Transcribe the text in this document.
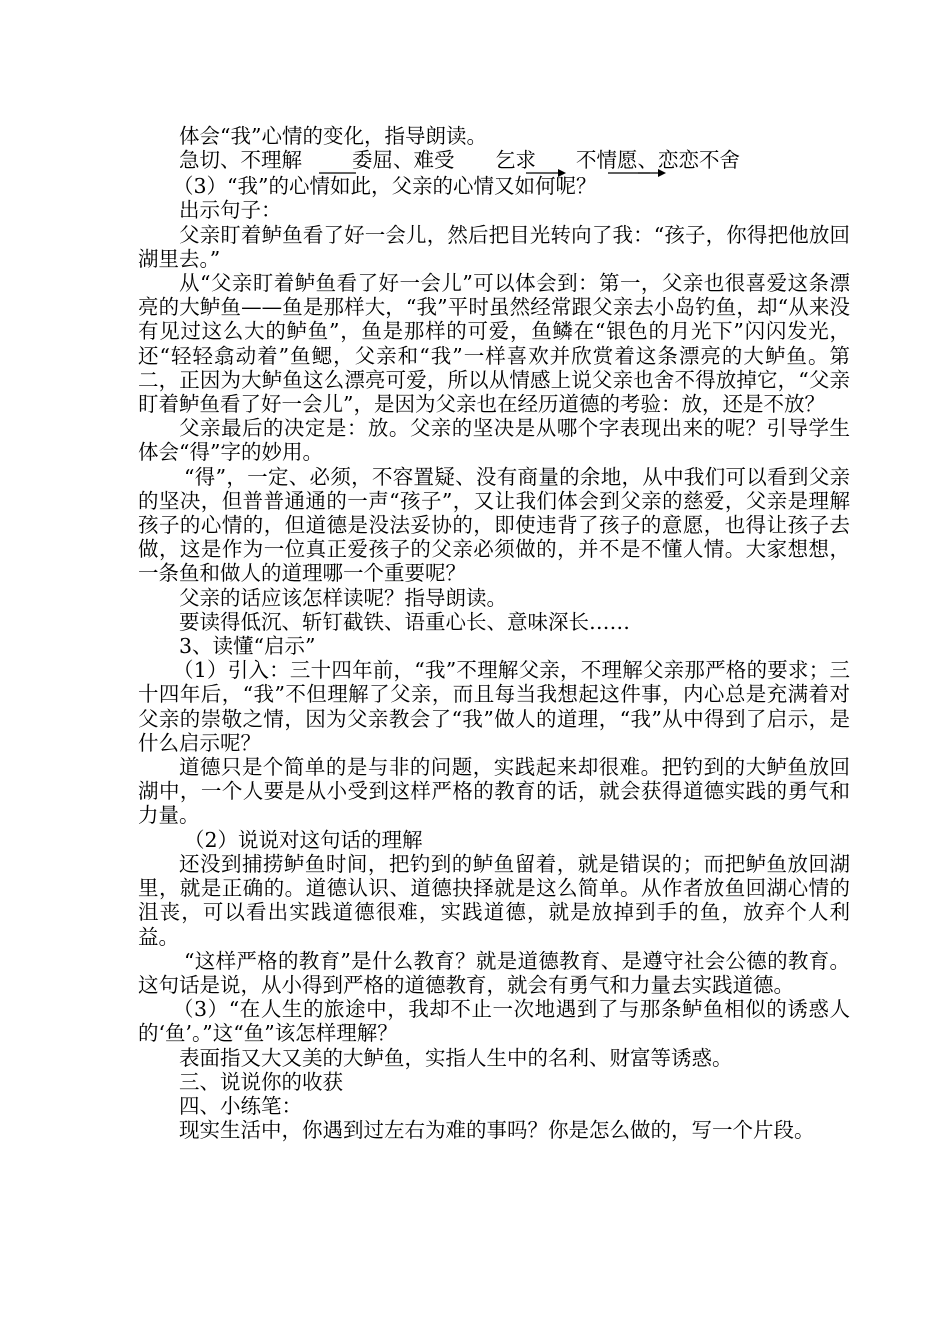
体会“我”心情的变化，指导朗读。

急切、不理解 委屈、难受 乞求 不情愿、恋恋不舍

（3）“我”的心情如此，父亲的心情又如何呢？

出示句子：

父亲盯着鲈鱼看了好一会儿，然后把目光转向了我：“孩子，你得把他放回湖里去。”

从“父亲盯着鲈鱼看了好一会儿”可以体会到：第一，父亲也很喜爱这条漂亮的大鲈鱼——鱼是那样大，“我”平时虽然经常跟父亲去小岛钓鱼，却“从来没有见过这么大的鲈鱼”，鱼是那样的可爱，鱼鳞在“银色的月光下”闪闪发光，还“轻轻翕动着”鱼鳃，父亲和“我”一样喜欢并欣赏着这条漂亮的大鲈鱼。第二，正因为大鲈鱼这么漂亮可爱，所以从情感上说父亲也舍不得放掉它，“父亲盯着鲈鱼看了好一会儿”，是因为父亲也在经历道德的考验：放，还是不放？

父亲最后的决定是：放。父亲的坚决是从哪个字表现出来的呢？引导学生体会“得”字的妙用。

“得”，一定、必须，不容置疑、没有商量的余地，从中我们可以看到父亲的坚决，但普普通通的一声“孩子”，又让我们体会到父亲的慈爱，父亲是理解孩子的心情的，但道德是没法妥协的，即使违背了孩子的意愿，也得让孩子去做，这是作为一位真正爱孩子的父亲必须做的，并不是不懂人情。大家想想，一条鱼和做人的道理哪一个重要呢？

父亲的话应该怎样读呢？指导朗读。

要读得低沉、斩钉截铁、语重心长、意味深长……

3、读懂“启示”

（1）引入：三十四年前，“我”不理解父亲，不理解父亲那严格的要求；三十四年后，“我”不但理解了父亲，而且每当我想起这件事，内心总是充满着对父亲的崇敬之情，因为父亲教会了“我”做人的道理，“我”从中得到了启示，是什么启示呢？

道德只是个简单的是与非的问题，实践起来却很难。把钓到的大鲈鱼放回湖中，一个人要是从小受到这样严格的教育的话，就会获得道德实践的勇气和力量。

（2）说说对这句话的理解

还没到捕捞鲈鱼时间，把钓到的鲈鱼留着，就是错误的；而把鲈鱼放回湖里，就是正确的。道德认识、道德抉择就是这么简单。从作者放鱼回湖心情的沮丧，可以看出实践道德很难，实践道德，就是放掉到手的鱼，放弃个人利益。

“这样严格的教育”是什么教育？就是道德教育、是遵守社会公德的教育。这句话是说，从小得到严格的道德教育，就会有勇气和力量去实践道德。

（3）“在人生的旅途中，我却不止一次地遇到了与那条鲈鱼相似的诱惑人的‘鱼’。”这“鱼”该怎样理解？

表面指又大又美的大鲈鱼，实指人生中的名利、财富等诱惑。

三、说说你的收获

四、小练笔：

现实生活中，你遇到过左右为难的事吗？你是怎么做的，写一个片段。
